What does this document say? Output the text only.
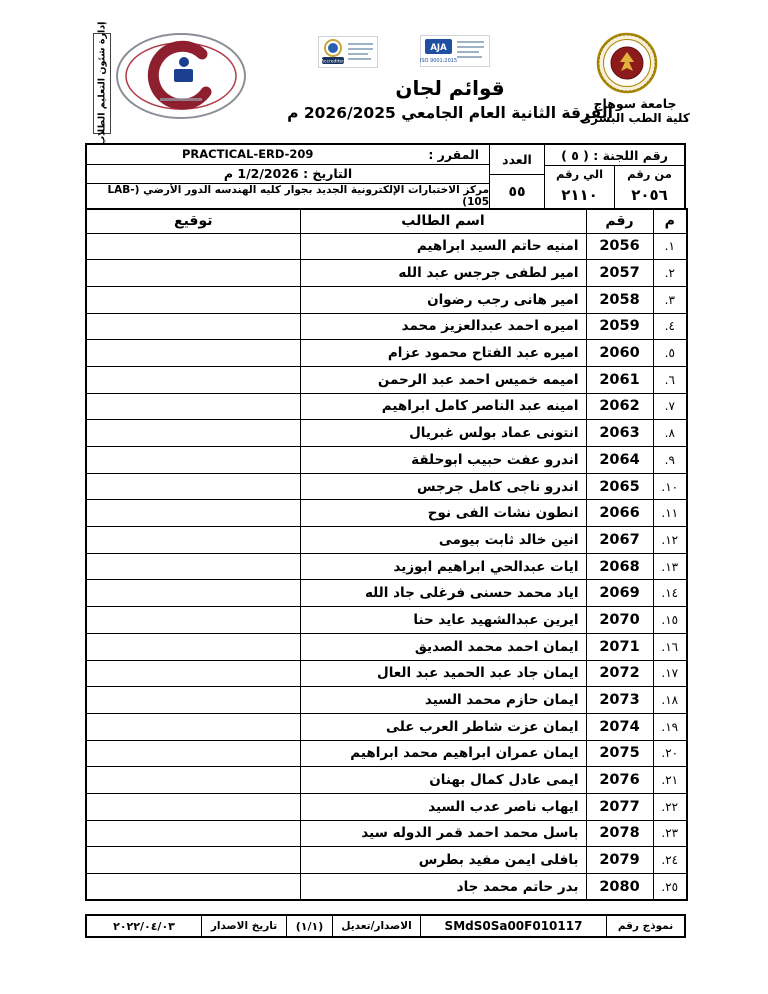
إدارة شئون التعليم الطلاب	Accredited
AJA
ISO 9001:2015
قوائم لجان
الفرقة الثانية العام الجامعي 2026/2025 م
جامعة سوهاج
كلية الطب البشرى
رقم اللجنة : ( ٥ )
من رقم
٢٠٥٦
الي رقم
٢١١٠
العدد
٥٥
المقرر :
PRACTICAL-ERD-209
التاريخ : 1/2/2026 م
مركز الاختبارات الإلكترونية الجديد بجوار كليه الهندسه الدور الأرضي (LAB-105)
م	رقم	اسم الطالب	توقيع
١.	2056	امنيه حاتم السيد ابراهيم	
٢.	2057	امير لطفى جرجس عبد الله	
٣.	2058	امير هانى رجب رضوان	
٤.	2059	اميره احمد عبدالعزيز محمد	
٥.	2060	اميره عبد الفتاح محمود عزام	
٦.	2061	اميمه خميس احمد عبد الرحمن	
٧.	2062	امينه عبد الناصر كامل ابراهيم	
٨.	2063	انتونى عماد بولس غبريال	
٩.	2064	اندرو عفت حبيب ابوحلقة	
١٠.	2065	اندرو ناجى كامل جرجس	
١١.	2066	انطون نشات الفى نوح	
١٢.	2067	انين خالد ثابت بيومى	
١٣.	2068	ايات عبدالحي ابراهيم ابوزيد	
١٤.	2069	اياد محمد حسنى فرغلى جاد الله	
١٥.	2070	ايرين عبدالشهيد عايد حنا	
١٦.	2071	ايمان احمد محمد الصديق	
١٧.	2072	ايمان جاد عبد الحميد عبد العال	
١٨.	2073	ايمان حازم محمد السيد	
١٩.	2074	ايمان عزت شاطر العرب على	
٢٠.	2075	ايمان عمران ابراهيم محمد ابراهيم	
٢١.	2076	ايمى عادل كمال بهنان	
٢٢.	2077	ايهاب ناصر عدب السيد	
٢٣.	2078	باسل محمد احمد قمر الدوله سيد	
٢٤.	2079	بافلى ايمن مفيد بطرس	
٢٥.	2080	بدر حاتم محمد جاد	
نموذج رقم
SMdS0Sa00F010117
الاصدار/تعديل
(١/١)
تاريخ الاصدار
٢٠٢٢/٠٤/٠٣
